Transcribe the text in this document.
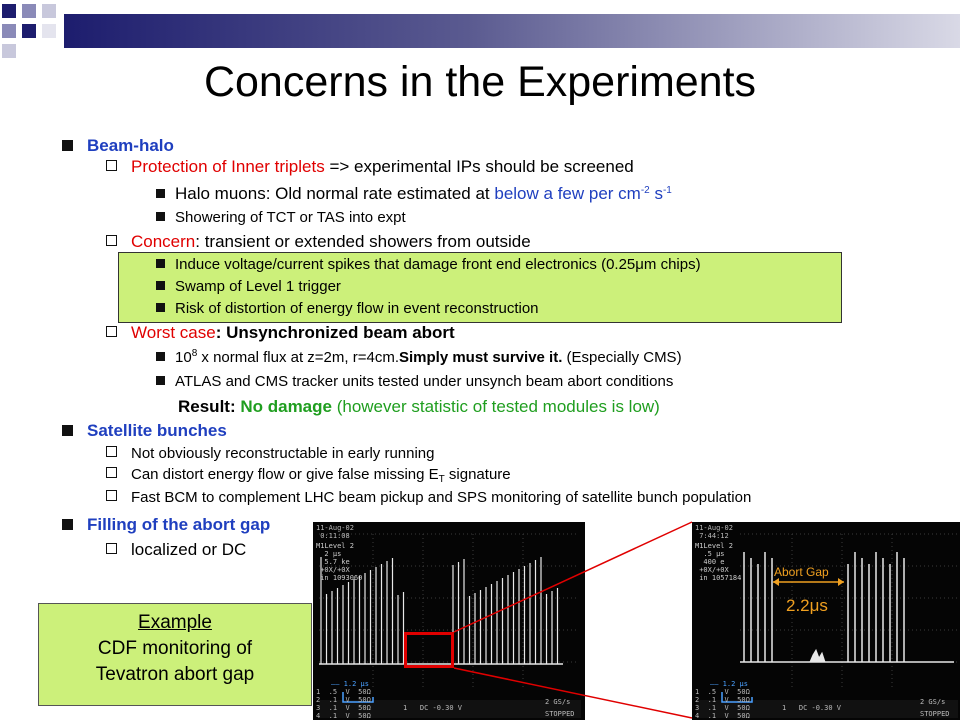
Concerns in the Experiments
Beam-halo
Protection of Inner triplets => experimental IPs should be screened
Halo muons: Old normal rate estimated at below a few per $cm^{-2}$ $s^{-1}$
Showering of TCT or TAS into expt
Concern: transient or extended showers from outside
Induce voltage/current spikes that damage front end electronics (0.25μm chips)
Swamp of Level 1 trigger
Risk of distortion of energy flow in event reconstruction
Worst case: Unsynchronized beam abort
$10^8$ x normal flux at z=2m, r=4cm.Simply must survive it. (Especially CMS)
ATLAS and CMS tracker units tested under unsynch beam abort conditions
Result: No damage (however statistic of tested modules is low)
Satellite bunches
Not obviously reconstructable in early running
Can distort energy flow or give false missing $E_T$ signature
Fast BCM to complement LHC beam pickup and SPS monitoring of satellite bunch population
Filling of the abort gap
localized or DC
Example
CDF monitoring of
Tevatron abort gap
11-Aug-02
0:11:08
M1Level 2
2 μs
5.7 ke
+0X/+0X
in 1093060
1  .5  V  50Ω
2  .1  V  50Ω
3  .1  V  50Ω
4  .1  V  50Ω
—— 1.2 μs
1   DC -0.30 V
2 GS/s
STOPPED
11-Aug-02
7:44:12
M1Level 2
.5 μs
400 e
+0X/+0X
in 1057184
1  .5  V  50Ω
2  .1  V  50Ω
3  .1  V  50Ω
4  .1  V  50Ω
—— 1.2 μs
1   DC -0.30 V
2 GS/s
STOPPED
Abort Gap
2.2μs
